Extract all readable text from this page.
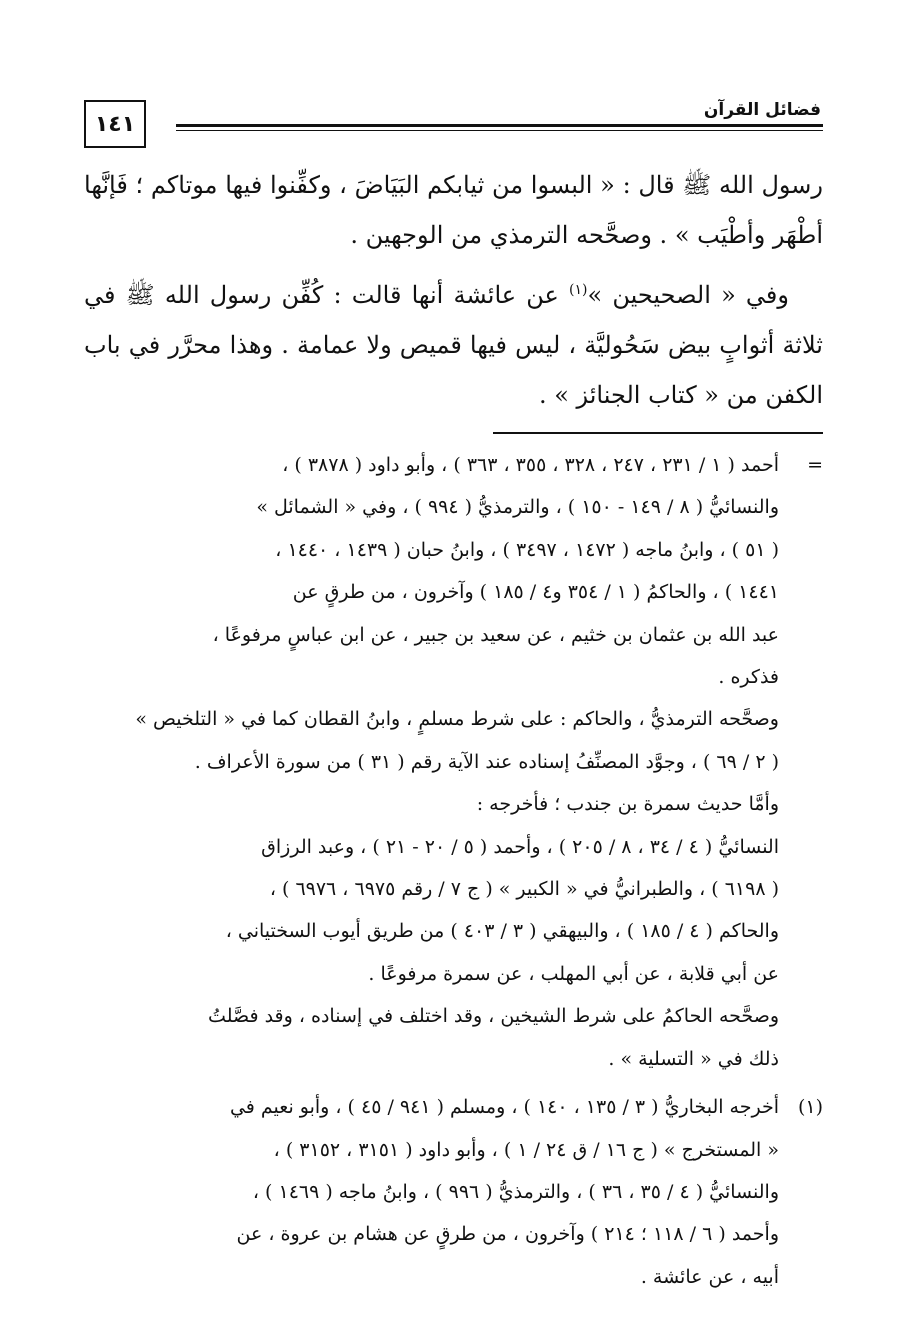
١٤١
فضائل القرآن

رسول الله ﷺ قال : « البسوا من ثيابكم البَيَاضَ ، وكفِّنوا فيها موتاكم ؛ فَإنَّها أطْهَر وأطْيَب » . وصحَّحه الترمذي من الوجهين .

وفي « الصحيحين »$^{(١)}$ عن عائشة أنها قالت : كُفِّن رسول الله ﷺ في ثلاثة أثوابٍ بيض سَحُوليَّة ، ليس فيها قميص ولا عمامة . وهذا محرَّر في باب الكفن من « كتاب الجنائز » .

=
أحمد ( ١ / ٢٣١ ، ٢٤٧ ، ٣٢٨ ، ٣٥٥ ، ٣٦٣ ) ، وأبو داود ( ٣٨٧٨ ) ،
والنسائيُّ ( ٨ / ١٤٩ - ١٥٠ ) ، والترمذيُّ ( ٩٩٤ ) ، وفي « الشمائل »
( ٥١ ) ، وابنُ ماجه ( ١٤٧٢ ، ٣٤٩٧ ) ، وابنُ حبان ( ١٤٣٩ ، ١٤٤٠ ،
١٤٤١ ) ، والحاكمُ ( ١ / ٣٥٤ و٤ / ١٨٥ ) وآخرون ، من طرقٍ عن
عبد الله بن عثمان بن خثيم ، عن سعيد بن جبير ، عن ابن عباسٍ مرفوعًا ،
فذكره .
وصحَّحه الترمذيُّ ، والحاكم : على شرط مسلمٍ ، وابنُ القطان كما في « التلخيص »
( ٢ / ٦٩ ) ، وجوَّد المصنِّفُ إسناده عند الآية رقم ( ٣١ ) من سورة الأعراف .
وأمَّا حديث سمرة بن جندب ؛ فأخرجه :
النسائيُّ ( ٤ / ٣٤ ، ٨ / ٢٠٥ ) ، وأحمد ( ٥ / ٢٠ - ٢١ ) ، وعبد الرزاق
( ٦١٩٨ ) ، والطبرانيُّ في « الكبير » ( ج ٧ / رقم ٦٩٧٥ ، ٦٩٧٦ ) ،
والحاكم ( ٤ / ١٨٥ ) ، والبيهقي ( ٣ / ٤٠٣ ) من طريق أيوب السختياني ،
عن أبي قلابة ، عن أبي المهلب ، عن سمرة مرفوعًا .
وصحَّحه الحاكمُ على شرط الشيخين ، وقد اختلف في إسناده ، وقد فصَّلتُ
ذلك في « التسلية » .
(١)
أخرجه البخاريُّ ( ٣ / ١٣٥ ، ١٤٠ ) ، ومسلم ( ٩٤١ / ٤٥ ) ، وأبو نعيم في
« المستخرج » ( ج ١٦ / ق ٢٤ / ١ ) ، وأبو داود ( ٣١٥١ ، ٣١٥٢ ) ،
والنسائيُّ ( ٤ / ٣٥ ، ٣٦ ) ، والترمذيُّ ( ٩٩٦ ) ، وابنُ ماجه ( ١٤٦٩ ) ،
وأحمد ( ٦ / ١١٨ ؛ ٢١٤ ) وآخرون ، من طرقٍ عن هشام بن عروة ، عن
أبيه ، عن عائشة .
